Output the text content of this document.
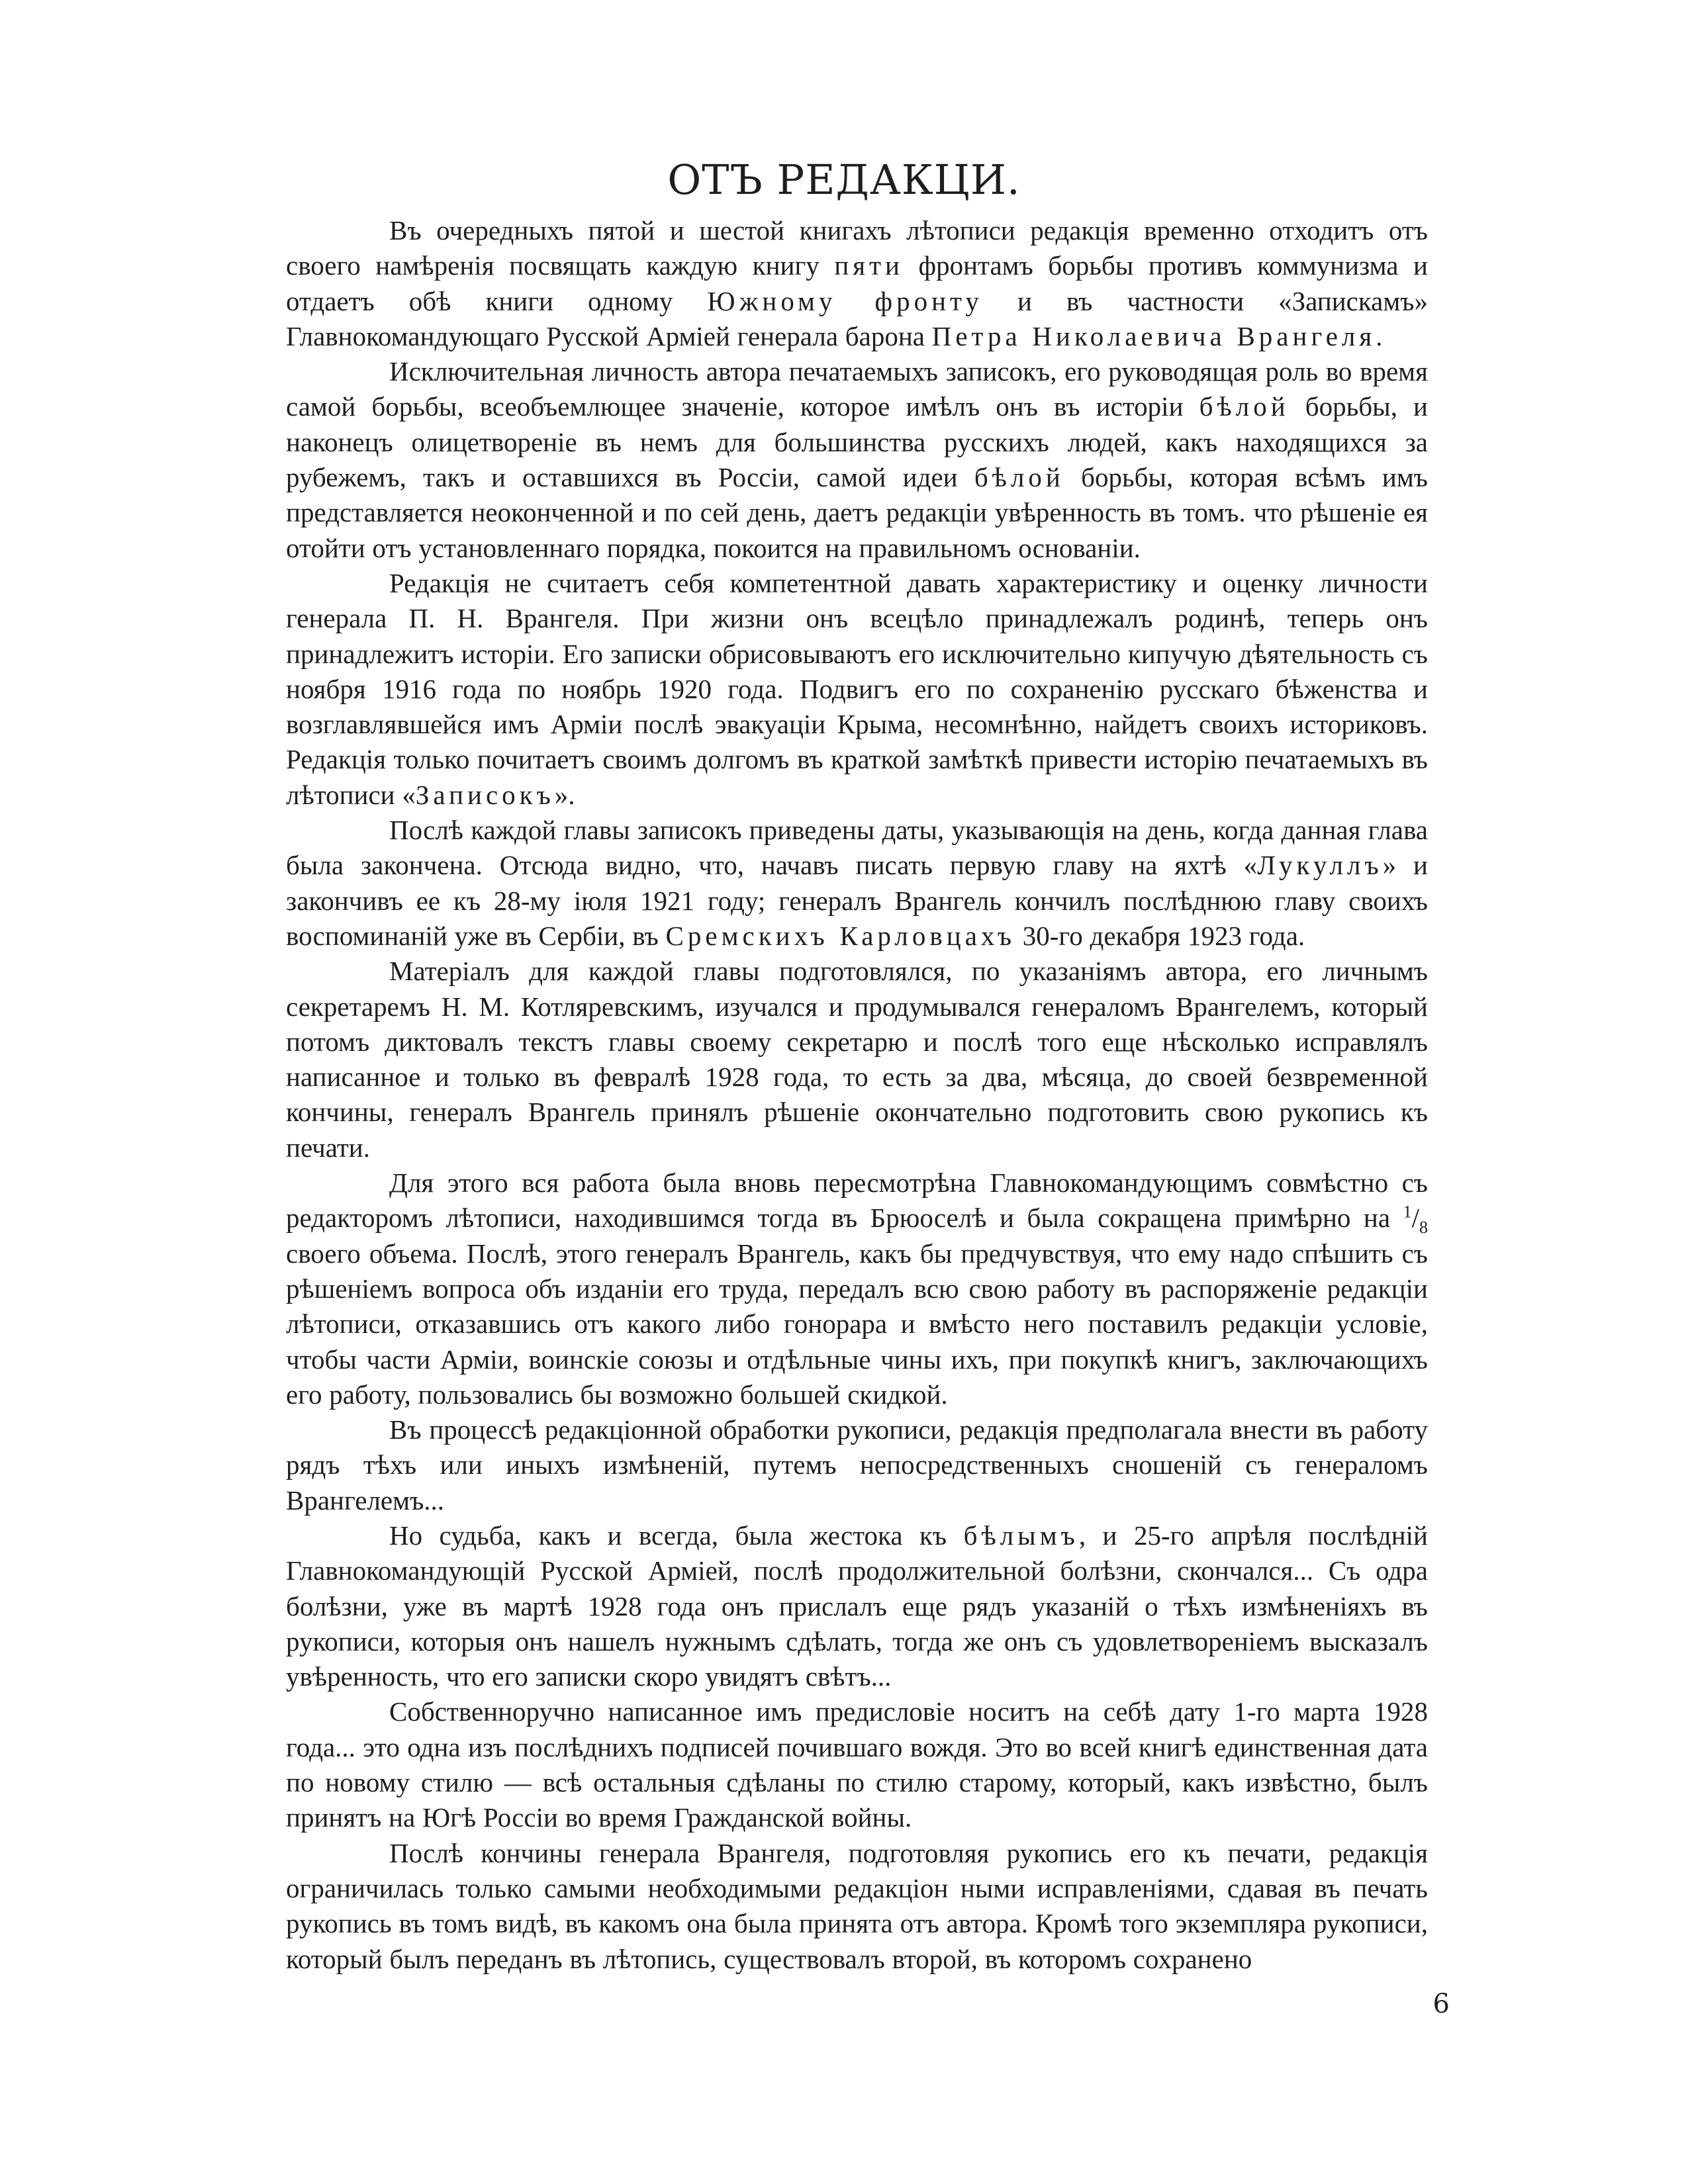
ОТЪ РЕДАКЦИ.

Въ очередныхъ пятой и шестой книгахъ лѣтописи редакція временно отходитъ отъ своего намѣренія посвящать каждую книгу пяти фронтамъ борьбы противъ коммунизма и отдаетъ обѣ книги одному Южному фронту и въ частности «Запискамъ» Главнокомандующаго Русской Арміей генерала барона Петра Николаевича Врангеля.

Исключительная личность автора печатаемыхъ записокъ, его руководящая роль во время самой борьбы, всеобъемлющее значеніе, которое имѣлъ онъ въ исторіи бѣлой борьбы, и наконецъ олицетвореніе въ немъ для большинства русскихъ людей, какъ находящихся за рубежемъ, такъ и оставшихся въ Россіи, самой идеи бѣлой борьбы, которая всѣмъ имъ представляется неоконченной и по сей день, даетъ редакціи увѣренность въ томъ. что рѣшеніе ея отойти отъ установленнаго порядка, покоится на правильномъ основаніи.

Редакція не считаетъ себя компетентной давать характеристику и оценку личности генерала П. Н. Врангеля. При жизни онъ всецѣло принадлежалъ родинѣ, теперь онъ принадлежитъ исторіи. Его записки обрисовываютъ его исключительно кипучую дѣятельность съ ноября 1916 года по ноябрь 1920 года. Подвигъ его по сохраненію русскаго бѣженства и возглавлявшейся имъ Арміи послѣ эвакуаціи Крыма, несомнѣнно, найдетъ своихъ историковъ. Редакція только почитаетъ своимъ долгомъ въ краткой замѣткѣ привести исторію печатаемыхъ въ лѣтописи «Записокъ».

Послѣ каждой главы записокъ приведены даты, указывающія на день, когда данная глава была закончена. Отсюда видно, что, начавъ писать первую главу на яхтѣ «Лукуллъ» и закончивъ ее къ 28-му іюля 1921 году; генералъ Врангель кончилъ послѣднюю главу своихъ воспоминаній уже въ Сербіи, въ Сремскихъ Карловцахъ 30-го декабря 1923 года.

Матеріалъ для каждой главы подготовлялся, по указаніямъ автора, его личнымъ секретаремъ Н. М. Котляревскимъ, изучался и продумывался генераломъ Врангелемъ, который потомъ диктовалъ текстъ главы своему секретарю и послѣ того еще нѣсколько исправлялъ написанное и только въ февралѣ 1928 года, то есть за два, мѣсяца, до своей безвременной кончины, генералъ Врангель принялъ рѣшеніе окончательно подготовить свою рукопись къ печати.

Для этого вся работа была вновь пересмотрѣна Главнокомандующимъ совмѣстно съ редакторомъ лѣтописи, находившимся тогда въ Брюоселѣ и была сокращена примѣрно на $^1/_8$ своего объема. Послѣ, этого генералъ Врангель, какъ бы предчувствуя, что ему надо спѣшить съ рѣшеніемъ вопроса объ изданіи его труда, передалъ всю свою работу въ распоряженіе редакціи лѣтописи, отказавшись отъ какого либо гонорара и вмѣсто него поставилъ редакціи условіе, чтобы части Арміи, воинскіе союзы и отдѣльные чины ихъ, при покупкѣ книгъ, заключающихъ его работу, пользовались бы возможно большей скидкой.

Въ процессѣ редакціонной обработки рукописи, редакція предполагала внести въ работу рядъ тѣхъ или иныхъ измѣненій, путемъ непосредственныхъ сношеній съ генераломъ Врангелемъ...

Но судьба, какъ и всегда, была жестока къ бѣлымъ, и 25-го апрѣля послѣдній Главнокомандующій Русской Арміей, послѣ продолжительной болѣзни, скончался... Съ одра болѣзни, уже въ мартѣ 1928 года онъ прислалъ еще рядъ указаній о тѣхъ измѣненіяхъ въ рукописи, которыя онъ нашелъ нужнымъ сдѣлать, тогда же онъ съ удовлетвореніемъ высказалъ увѣренность, что его записки скоро увидятъ свѣтъ...

Собственноручно написанное имъ предисловіе носитъ на себѣ дату 1-го марта 1928 года... это одна изъ послѣднихъ подписей почившаго вождя. Это во всей книгѣ единственная дата по новому стилю — всѣ остальныя сдѣланы по стилю старому, который, какъ извѣстно, былъ принятъ на Югѣ Россіи во время Гражданской войны.

Послѣ кончины генерала Врангеля, подготовляя рукопись его къ печати, редакція ограничилась только самыми необходимыми редакціон ными исправленіями, сдавая въ печать рукопись въ томъ видѣ, въ какомъ она была принята отъ автора. Кромѣ того экземпляра рукописи, который былъ переданъ въ лѣтопись, существовалъ второй, въ которомъ сохранено

6
